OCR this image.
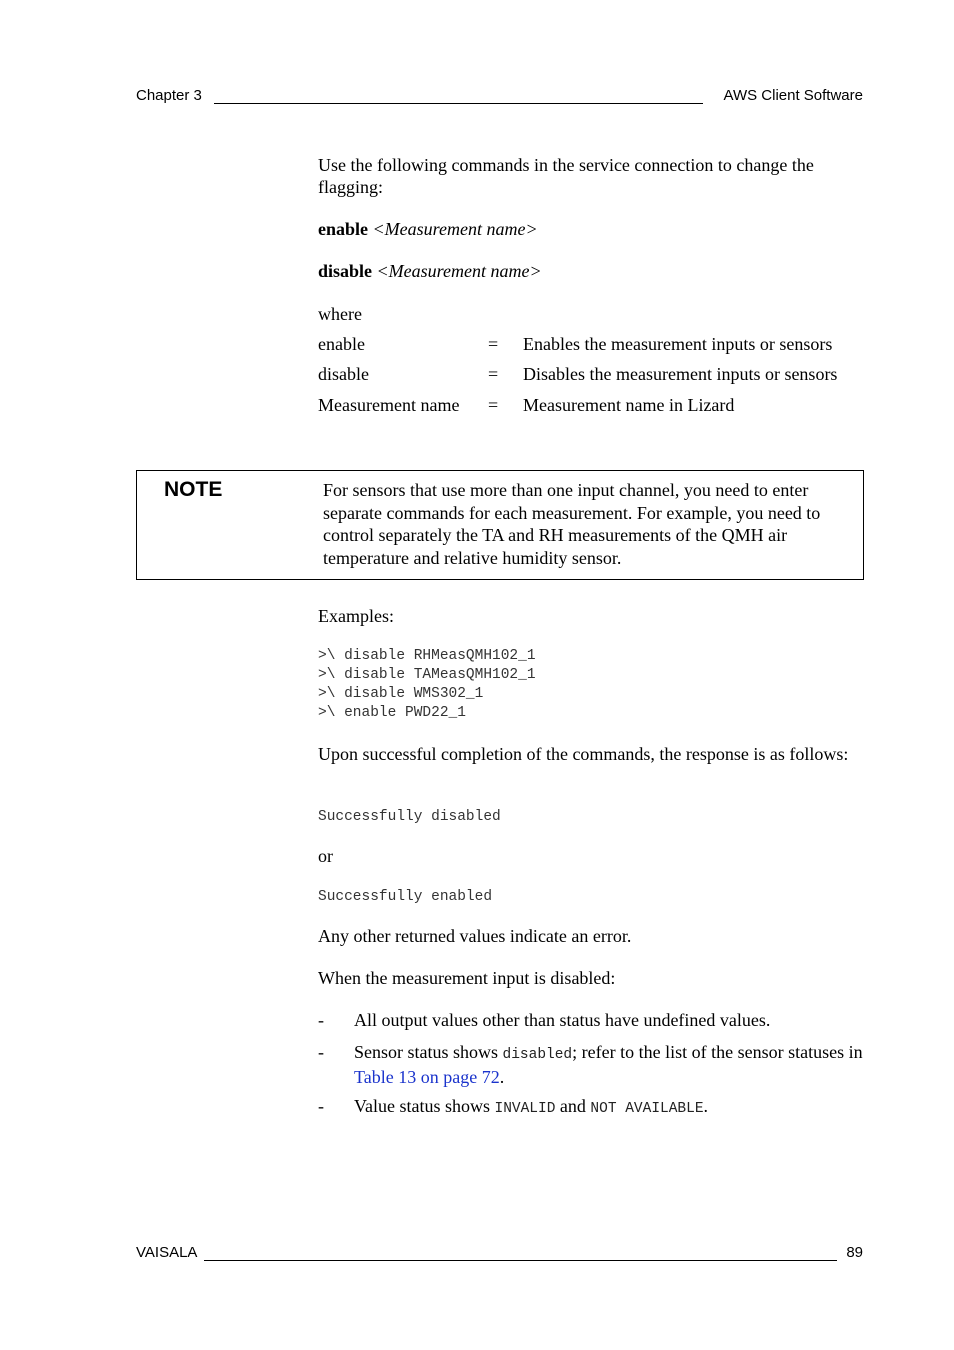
Chapter 3	AWS Client Software
Use the following commands in the service connection to change the flagging:
enable <Measurement name>
disable <Measurement name>
where
enable	= Enables the measurement inputs or sensors
disable	= Disables the measurement inputs or sensors
Measurement name = Measurement name in Lizard
NOTE	For sensors that use more than one input channel, you need to enter separate commands for each measurement. For example, you need to control separately the TA and RH measurements of the QMH air temperature and relative humidity sensor.
Examples:
>\ disable RHMeasQMH102_1
>\ disable TAMeasQMH102_1
>\ disable WMS302_1
>\ enable PWD22_1
Upon successful completion of the commands, the response is as follows:
Successfully disabled
or
Successfully enabled
Any other returned values indicate an error.
When the measurement input is disabled:
- All output values other than status have undefined values.
- Sensor status shows disabled; refer to the list of the sensor statuses in Table 13 on page 72.
- Value status shows INVALID and NOT AVAILABLE.
VAISALA	89
